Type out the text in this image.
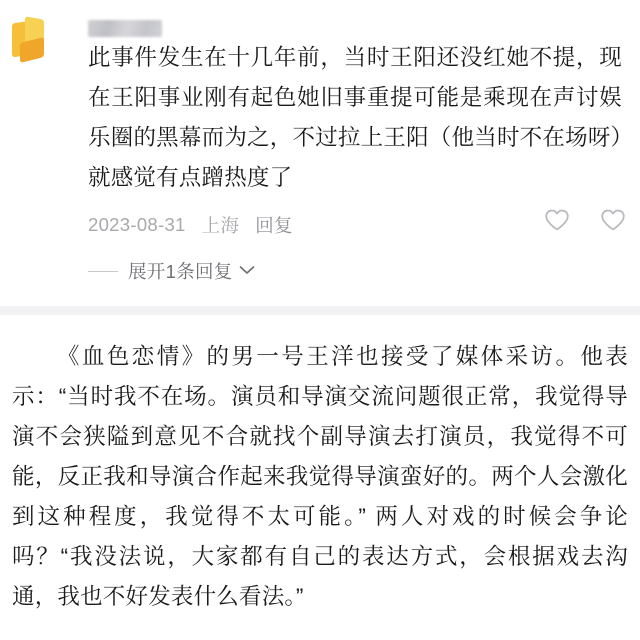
此事件发生在十几年前，当时王阳还没红她不提，现在王阳事业刚有起色她旧事重提可能是乘现在声讨娱乐圈的黑幕而为之，不过拉上王阳（他当时不在场呀）就感觉有点蹭热度了

2023-08-31 上海 回复
展开1条回复

《血色恋情》的男一号王洋也接受了媒体采访。他表示：“当时我不在场。演员和导演交流问题很正常，我觉得导演不会狭隘到意见不合就找个副导演去打演员，我觉得不可能，反正我和导演合作起来我觉得导演蛮好的。两个人会激化到这种程度，我觉得不太可能。” 两人对戏的时候会争论吗？“我没法说，大家都有自己的表达方式，会根据戏去沟通，我也不好发表什么看法。”
